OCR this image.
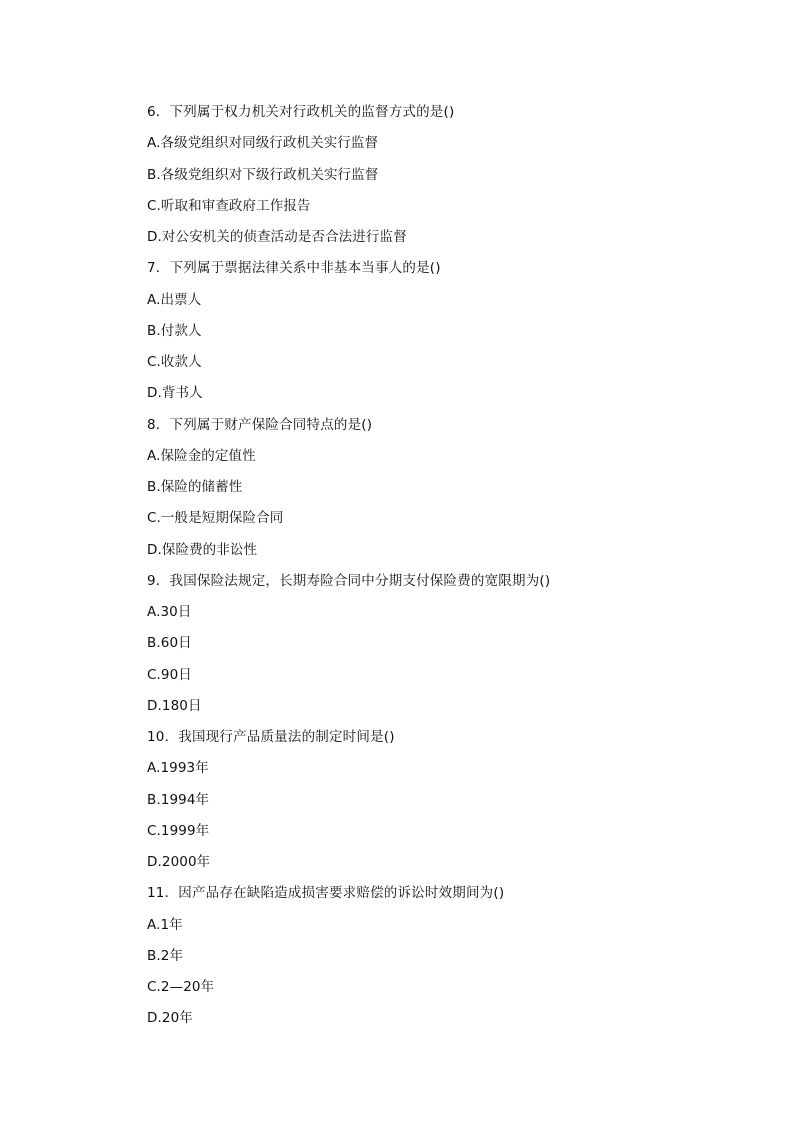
6．下列属于权力机关对行政机关的监督方式的是()
A.各级党组织对同级行政机关实行监督
B.各级党组织对下级行政机关实行监督
C.听取和审查政府工作报告
D.对公安机关的侦查活动是否合法进行监督
7．下列属于票据法律关系中非基本当事人的是()
A.出票人
B.付款人
C.收款人
D.背书人
8．下列属于财产保险合同特点的是()
A.保险金的定值性
B.保险的储蓄性
C.一般是短期保险合同
D.保险费的非讼性
9．我国保险法规定，长期寿险合同中分期支付保险费的宽限期为()
A.30日
B.60日
C.90日
D.180日
10．我国现行产品质量法的制定时间是()
A.1993年
B.1994年
C.1999年
D.2000年
11．因产品存在缺陷造成损害要求赔偿的诉讼时效期间为()
A.1年
B.2年
C.2—20年
D.20年
